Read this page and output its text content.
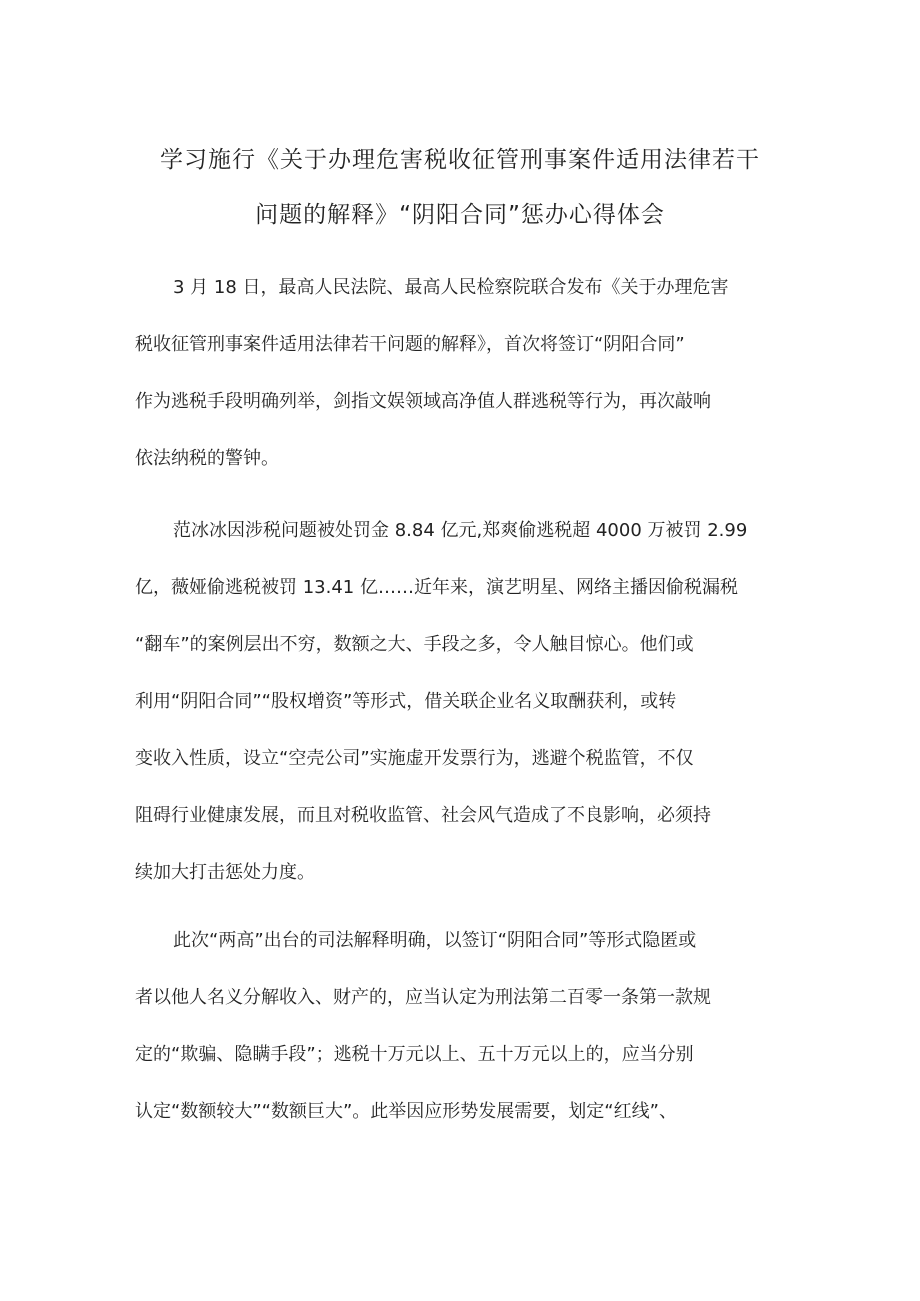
学习施行《关于办理危害税收征管刑事案件适用法律若干
问题的解释》“阴阳合同”惩办心得体会
3 月 18 日，最高人民法院、最高人民检察院联合发布《关于办理危害
税收征管刑事案件适用法律若干问题的解释》，首次将签订“阴阳合同”
作为逃税手段明确列举，剑指文娱领域高净值人群逃税等行为，再次敲响
依法纳税的警钟。
范冰冰因涉税问题被处罚金 8.84 亿元,郑爽偷逃税超 4000 万被罚 2.99
亿，薇娅偷逃税被罚 13.41 亿……近年来，演艺明星、网络主播因偷税漏税
“翻车”的案例层出不穷，数额之大、手段之多，令人触目惊心。他们或
利用“阴阳合同”“股权增资”等形式，借关联企业名义取酬获利，或转
变收入性质，设立“空壳公司”实施虚开发票行为，逃避个税监管，不仅
阻碍行业健康发展，而且对税收监管、社会风气造成了不良影响，必须持
续加大打击惩处力度。
此次“两高”出台的司法解释明确，以签订“阴阳合同”等形式隐匿或
者以他人名义分解收入、财产的，应当认定为刑法第二百零一条第一款规
定的“欺骗、隐瞒手段”；逃税十万元以上、五十万元以上的，应当分别
认定“数额较大”“数额巨大”。此举因应形势发展需要，划定“红线”、
